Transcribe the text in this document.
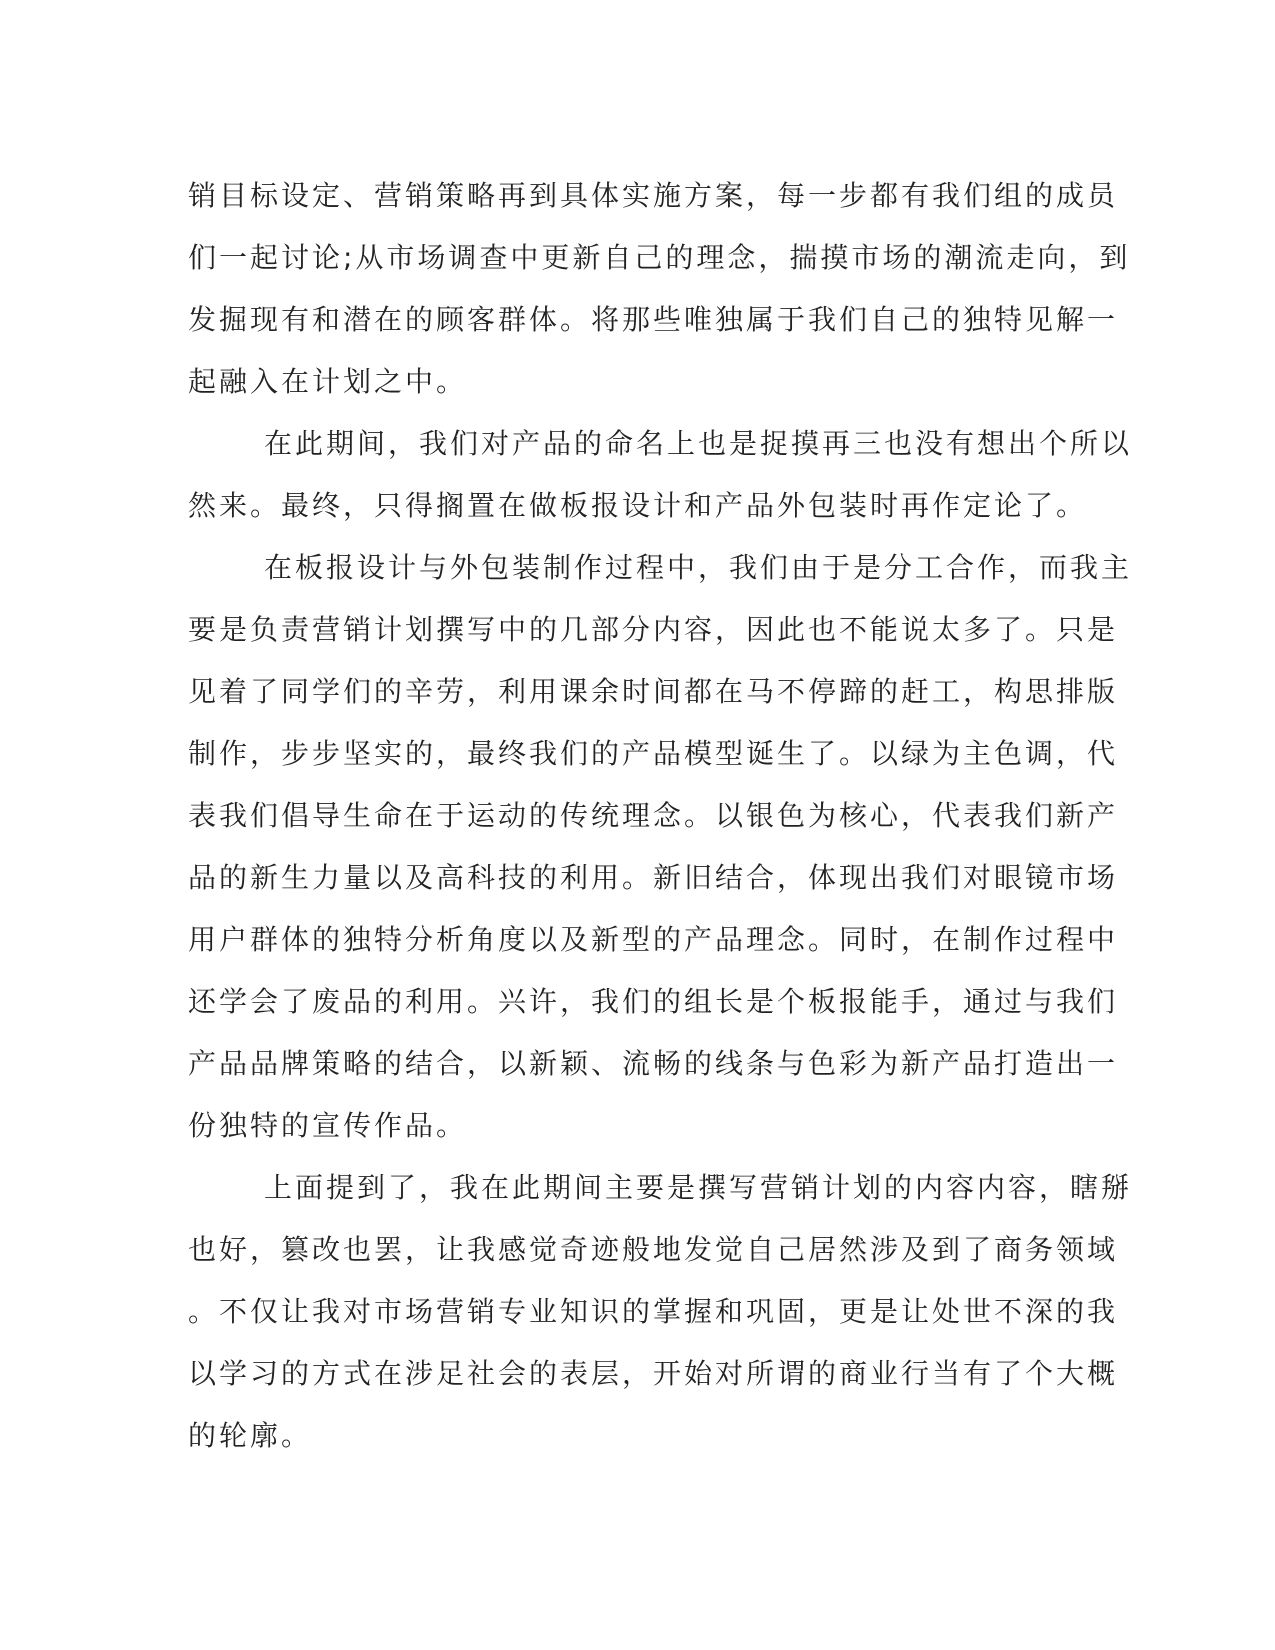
销目标设定、营销策略再到具体实施方案，每一步都有我们组的成员
们一起讨论;从市场调查中更新自己的理念，揣摸市场的潮流走向，到
发掘现有和潜在的顾客群体。将那些唯独属于我们自己的独特见解一
起融入在计划之中。
在此期间，我们对产品的命名上也是捉摸再三也没有想出个所以
然来。最终，只得搁置在做板报设计和产品外包装时再作定论了。
在板报设计与外包装制作过程中，我们由于是分工合作，而我主
要是负责营销计划撰写中的几部分内容，因此也不能说太多了。只是
见着了同学们的辛劳，利用课余时间都在马不停蹄的赶工，构思排版
制作，步步坚实的，最终我们的产品模型诞生了。以绿为主色调，代
表我们倡导生命在于运动的传统理念。以银色为核心，代表我们新产
品的新生力量以及高科技的利用。新旧结合，体现出我们对眼镜市场
用户群体的独特分析角度以及新型的产品理念。同时，在制作过程中
还学会了废品的利用。兴许，我们的组长是个板报能手，通过与我们
产品品牌策略的结合，以新颖、流畅的线条与色彩为新产品打造出一
份独特的宣传作品。
上面提到了，我在此期间主要是撰写营销计划的内容内容，瞎掰
也好，篡改也罢，让我感觉奇迹般地发觉自己居然涉及到了商务领域
。不仅让我对市场营销专业知识的掌握和巩固，更是让处世不深的我
以学习的方式在涉足社会的表层，开始对所谓的商业行当有了个大概
的轮廓。
